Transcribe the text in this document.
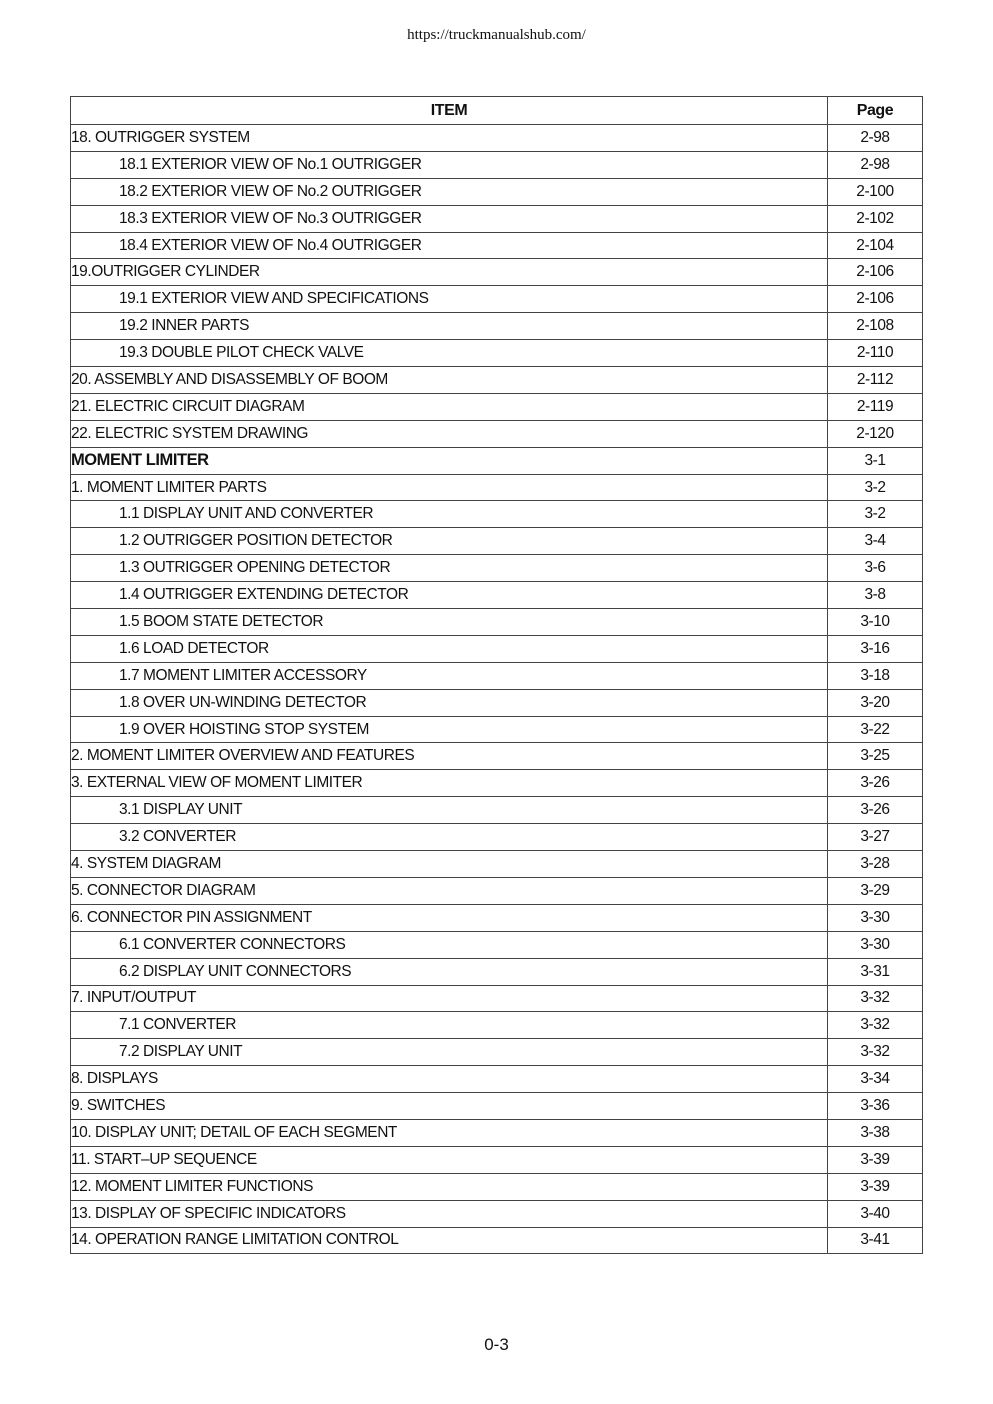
https://truckmanualshub.com/
ITEM	Page
18. OUTRIGGER SYSTEM	2-98
18.1 EXTERIOR VIEW OF No.1 OUTRIGGER	2-98
18.2 EXTERIOR VIEW OF No.2 OUTRIGGER	2-100
18.3 EXTERIOR VIEW OF No.3 OUTRIGGER	2-102
18.4 EXTERIOR VIEW OF No.4 OUTRIGGER	2-104
19.OUTRIGGER CYLINDER	2-106
19.1 EXTERIOR VIEW AND SPECIFICATIONS	2-106
19.2 INNER PARTS	2-108
19.3 DOUBLE PILOT CHECK VALVE	2-110
20. ASSEMBLY AND DISASSEMBLY OF BOOM	2-112
21. ELECTRIC CIRCUIT DIAGRAM	2-119
22. ELECTRIC SYSTEM DRAWING	2-120
MOMENT LIMITER	3-1
1. MOMENT LIMITER PARTS	3-2
1.1 DISPLAY UNIT AND CONVERTER	3-2
1.2 OUTRIGGER POSITION DETECTOR	3-4
1.3 OUTRIGGER OPENING DETECTOR	3-6
1.4 OUTRIGGER EXTENDING DETECTOR	3-8
1.5 BOOM STATE DETECTOR	3-10
1.6 LOAD DETECTOR	3-16
1.7 MOMENT LIMITER ACCESSORY	3-18
1.8 OVER UN-WINDING DETECTOR	3-20
1.9 OVER HOISTING STOP SYSTEM	3-22
2. MOMENT LIMITER OVERVIEW AND FEATURES	3-25
3. EXTERNAL VIEW OF MOMENT LIMITER	3-26
3.1 DISPLAY UNIT	3-26
3.2 CONVERTER	3-27
4. SYSTEM DIAGRAM	3-28
5. CONNECTOR DIAGRAM	3-29
6. CONNECTOR PIN ASSIGNMENT	3-30
6.1 CONVERTER CONNECTORS	3-30
6.2 DISPLAY UNIT CONNECTORS	3-31
7. INPUT/OUTPUT	3-32
7.1 CONVERTER	3-32
7.2 DISPLAY UNIT	3-32
8. DISPLAYS	3-34
9. SWITCHES	3-36
10. DISPLAY UNIT; DETAIL OF EACH SEGMENT	3-38
11. START–UP SEQUENCE	3-39
12. MOMENT LIMITER FUNCTIONS	3-39
13. DISPLAY OF SPECIFIC INDICATORS	3-40
14. OPERATION RANGE LIMITATION CONTROL	3-41
0-3
